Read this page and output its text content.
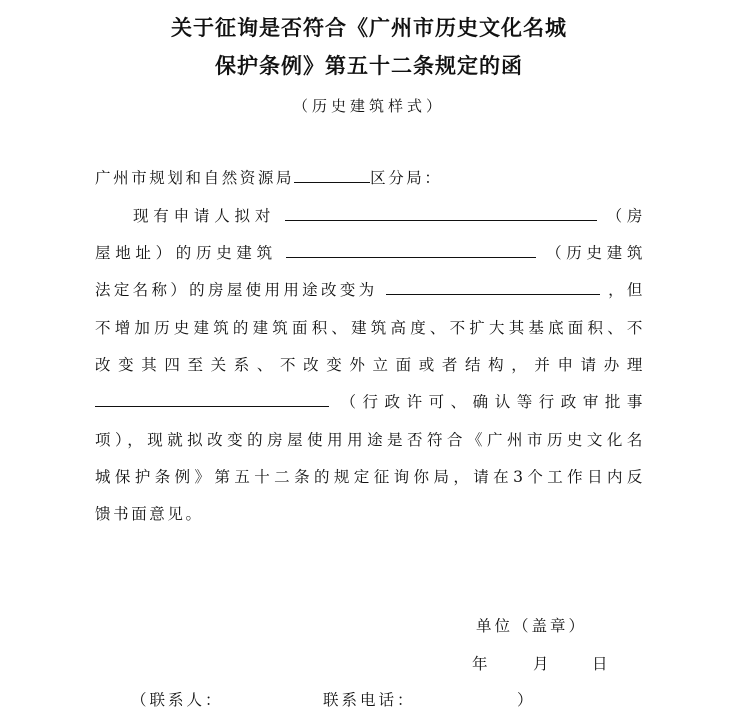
关于征询是否符合《广州市历史文化名城
保护条例》第五十二条规定的函
（历史建筑样式）
广州市规划和自然资源局	区分局：
现有申请人拟对	（房
屋地址）的历史建筑	（历史建筑
法定名称）的房屋使用用途改变为	，但
不增加历史建筑的建筑面积、建筑高度、不扩大其基底面积、不
改变其四至关系、不改变外立面或者结构，并申请办理
（行政许可、确认等行政审批事
项），现就拟改变的房屋使用用途是否符合《广州市历史文化名
城保护条例》第五十二条的规定征询你局，请在3个工作日内反
馈书面意见。
单位（盖章）
年	月	日
（联系人：	联系电话：	）
